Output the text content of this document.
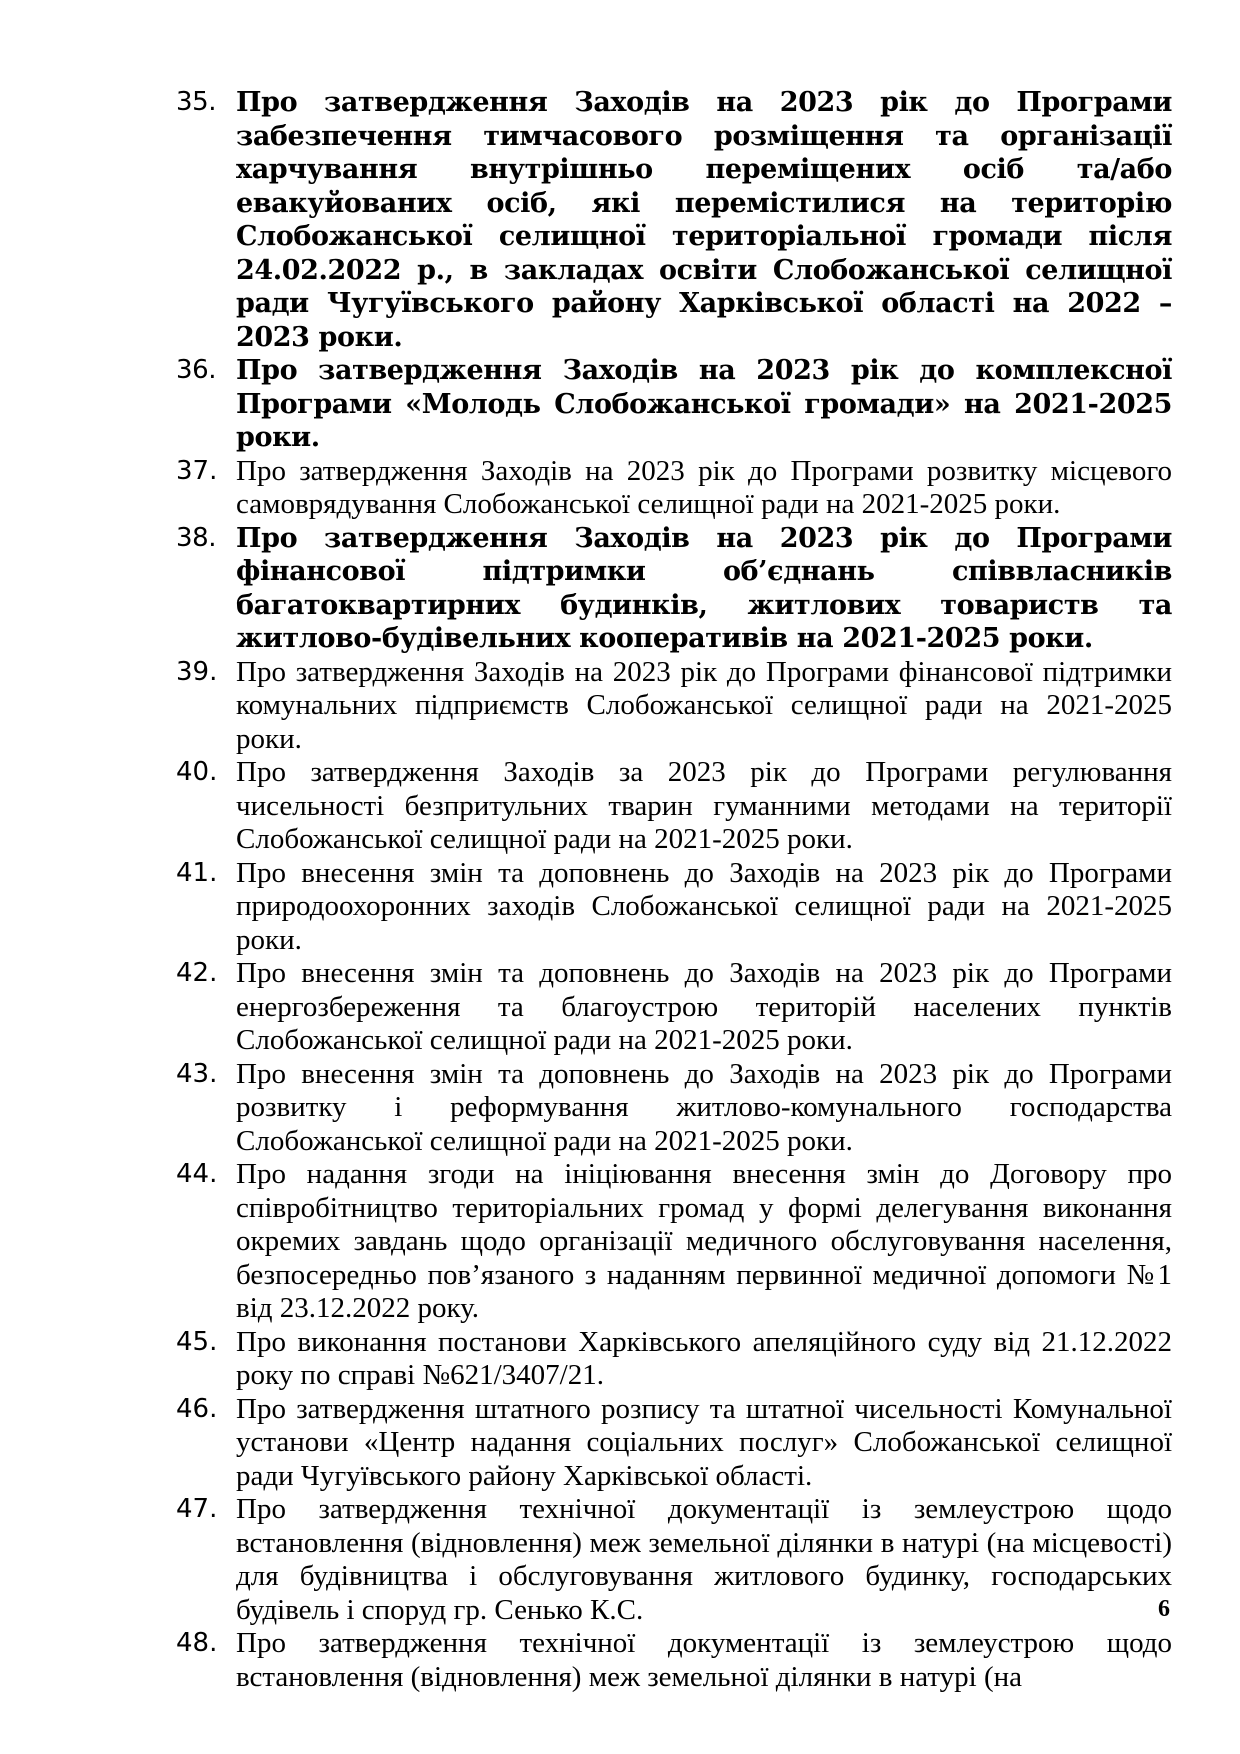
35. Про затвердження Заходів на 2023 рік до Програми забезпечення тимчасового розміщення та організації харчування внутрішньо переміщених осіб та/або евакуйованих осіб, які перемістилися на територію Слобожанської селищної територіальної громади після 24.02.2022 р., в закладах освіти Слобожанської селищної ради Чугуївського району Харківської області на 2022 – 2023 роки.
36. Про затвердження Заходів на 2023 рік до комплексної Програми «Молодь Слобожанської громади» на 2021-2025 роки.
37. Про затвердження Заходів на 2023 рік до Програми розвитку місцевого самоврядування Слобожанської селищної ради на 2021-2025 роки.
38. Про затвердження Заходів на 2023 рік до Програми фінансової підтримки об’єднань співвласників багатоквартирних будинків, житлових товариств та житлово-будівельних кооперативів на 2021-2025 роки.
39. Про затвердження Заходів на 2023 рік до Програми фінансової підтримки комунальних підприємств Слобожанської селищної ради на 2021-2025 роки.
40. Про затвердження Заходів за 2023 рік до Програми регулювання чисельності безпритульних тварин гуманними методами на території Слобожанської селищної ради на 2021-2025 роки.
41. Про внесення змін та доповнень до Заходів на 2023 рік до Програми природоохоронних заходів Слобожанської селищної ради на 2021-2025 роки.
42. Про внесення змін та доповнень до Заходів на 2023 рік до Програми енергозбереження та благоустрою територій населених пунктів Слобожанської селищної ради на 2021-2025 роки.
43. Про внесення змін та доповнень до Заходів на 2023 рік до Програми розвитку і реформування житлово-комунального господарства Слобожанської селищної ради на 2021-2025 роки.
44. Про надання згоди на ініціювання внесення змін до Договору про співробітництво територіальних громад у формі делегування виконання окремих завдань щодо організації медичного обслуговування населення, безпосередньо пов’язаного з наданням первинної медичної допомоги №1 від 23.12.2022 року.
45. Про виконання постанови Харківського апеляційного суду від 21.12.2022 року по справі №621/3407/21.
46. Про затвердження штатного розпису та штатної чисельності Комунальної установи «Центр надання соціальних послуг» Слобожанської селищної ради Чугуївського району Харківської області.
47. Про затвердження технічної документації із землеустрою щодо встановлення (відновлення) меж земельної ділянки в натурі (на місцевості) для будівництва і обслуговування житлового будинку, господарських будівель і споруд гр. Сенько К.С.
48. Про затвердження технічної документації із землеустрою щодо встановлення (відновлення) меж земельної ділянки в натурі (на
6
